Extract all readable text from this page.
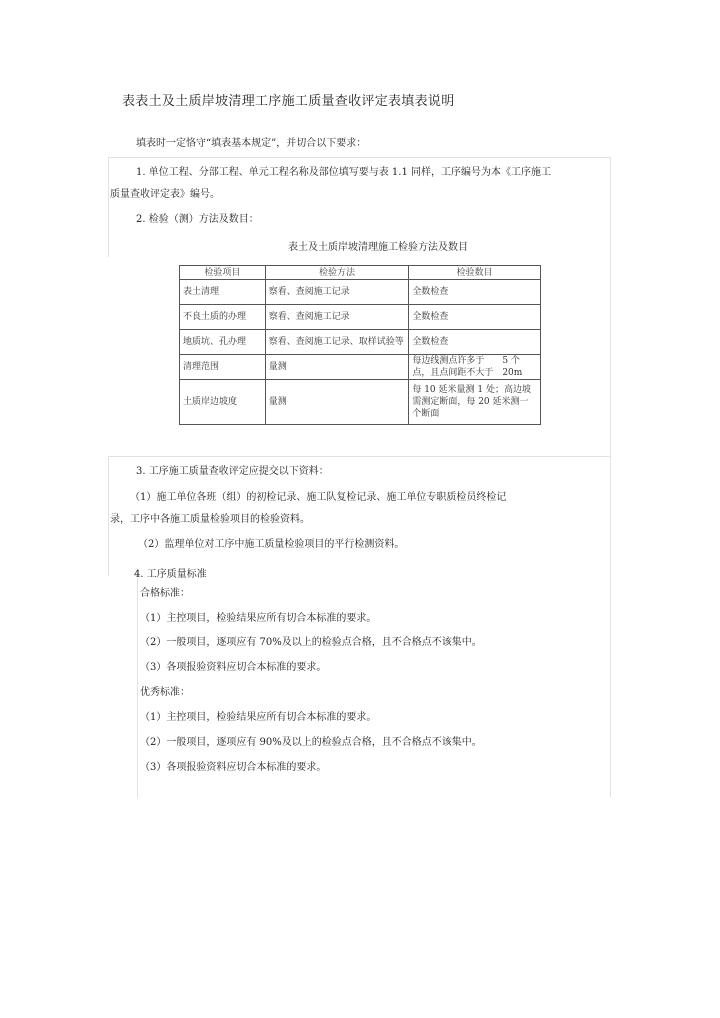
表表土及土质岸坡清理工序施工质量查收评定表填表说明
填表时一定恪守“填表基本规定”，并切合以下要求：
1. 单位工程、分部工程、单元工程名称及部位填写要与表 1.1 同样，工序编号为本《工序施工
质量查收评定表》编号。
2. 检验（测）方法及数目：
表土及土质岸坡清理施工检验方法及数目
检验项目	检验方法	检验数目
表土清理	察看、查阅施工记录	全数检查
不良土质的办理	察看、查阅施工记录	全数检查
地质坑、孔办理	察看、查阅施工记录、取样试验等	全数检查
清理范围	量测	每边线测点许多于　　5 个点，且点间距不大于　20m
土质岸边坡度	量测	每 10 延米量测 1 处；高边坡需测定断面，每 20 延米测一个断面
3. 工序施工质量查收评定应提交以下资料：
（1）施工单位各班（组）的初检记录、施工队复检记录、施工单位专职质检员终检记
录，工序中各施工质量检验项目的检验资料。
（2）监理单位对工序中施工质量检验项目的平行检测资料。
4. 工序质量标准
合格标准：
（1）主控项目，检验结果应所有切合本标准的要求。
（2）一般项目，逐项应有 70%及以上的检验点合格，且不合格点不该集中。
（3）各项报验资料应切合本标准的要求。
优秀标准：
（1）主控项目，检验结果应所有切合本标准的要求。
（2）一般项目，逐项应有 90%及以上的检验点合格，且不合格点不该集中。
（3）各项报验资料应切合本标准的要求。
